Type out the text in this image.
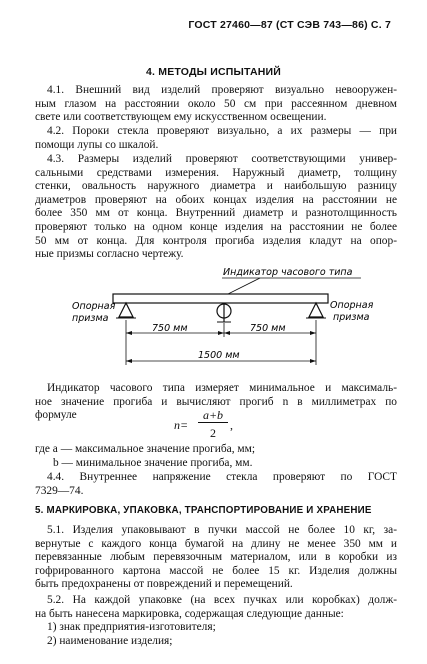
ГОСТ 27460—87 (СТ СЭВ 743—86) С. 7
4. МЕТОДЫ ИСПЫТАНИЙ
4.1. Внешний вид изделий проверяют визуально невооружен-
ным глазом на расстоянии около 50 см при рассеянном дневном
свете или соответствующем ему искусственном освещении.
4.2. Пороки стекла проверяют визуально, а их размеры — при
помощи лупы со шкалой.
4.3. Размеры изделий проверяют соответствующими универ-
сальными средствами измерения. Наружный диаметр, толщину
стенки, овальность наружного диаметра и наибольшую разницу
диаметров проверяют на обоих концах изделия на расстоянии не
более 350 мм от конца. Внутренний диаметр и разнотолщинность
проверяют только на одном конце изделия на расстоянии не более
50 мм от конца. Для контроля прогиба изделия кладут на опор-
ные призмы согласно чертежу.
Индикатор часового типа
Опорная
призма
Опорная
призма
750 мм	750 мм
1500 мм
Индикатор часового типа измеряет минимальное и максималь-
ное значение прогиба и вычисляют прогиб n в миллиметрах по
формуле
n=
a+b
2
,
где a — максимальное значение прогиба, мм;
b — минимальное значение прогиба, мм.
4.4. Внутреннее напряжение стекла проверяют по ГОСТ
7329—74.
5. МАРКИРОВКА, УПАКОВКА, ТРАНСПОРТИРОВАНИЕ И ХРАНЕНИЕ
5.1. Изделия упаковывают в пучки массой не более 10 кг, за-
вернутые с каждого конца бумагой на длину не менее 350 мм и
перевязанные любым перевязочным материалом, или в коробки из
гофрированного картона массой не более 15 кг. Изделия должны
быть предохранены от повреждений и перемещений.
5.2. На каждой упаковке (на всех пучках или коробках) долж-
на быть нанесена маркировка, содержащая следующие данные:
1) знак предприятия-изготовителя;
2) наименование изделия;
